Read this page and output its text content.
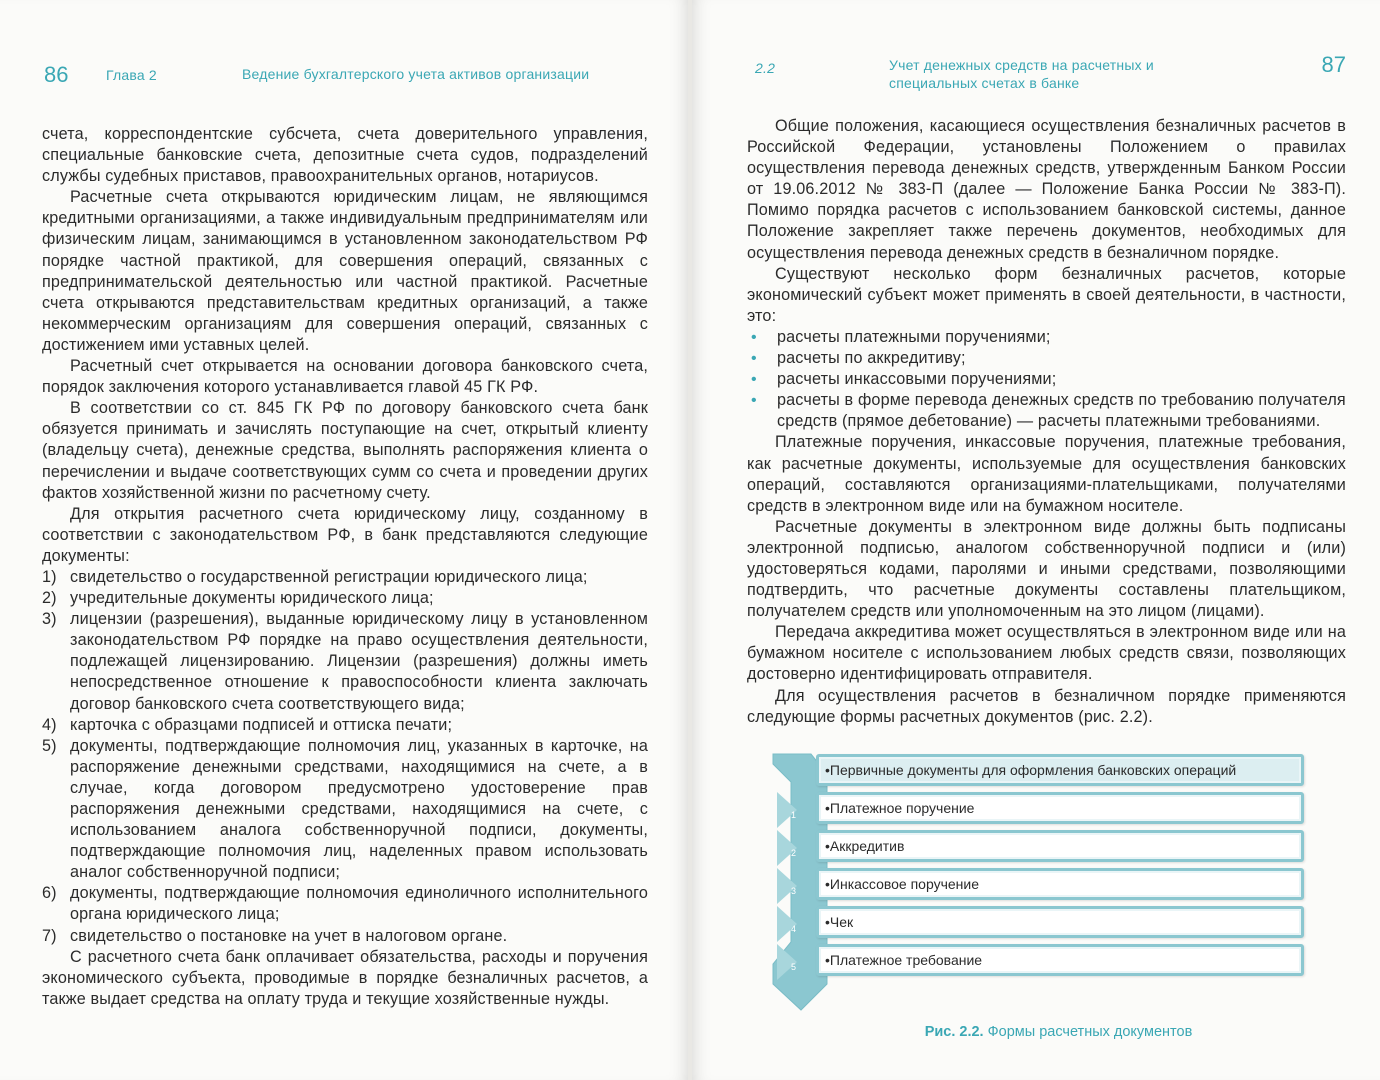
86	Глава 2	Ведение бухгалтерского учета активов организации

счета, корреспондентские субсчета, счета доверительного управления, специальные банковские счета, депозитные счета судов, подразделений службы судебных приставов, правоохранительных органов, нотариусов.

Расчетные счета открываются юридическим лицам, не являющимся кредитными организациями, а также индивидуальным предпринимателям или физическим лицам, занимающимся в установленном законодательством РФ порядке частной практикой, для совершения операций, связанных с предпринимательской деятельностью или частной практикой. Расчетные счета открываются представительствам кредитных организаций, а также некоммерческим организациям для совершения операций, связанных с достижением ими уставных целей.

Расчетный счет открывается на основании договора банковского счета, порядок заключения которого устанавливается главой 45 ГК РФ.

В соответствии со ст. 845 ГК РФ по договору банковского счета банк обязуется принимать и зачислять поступающие на счет, открытый клиенту (владельцу счета), денежные средства, выполнять распоряжения клиента о перечислении и выдаче соответствующих сумм со счета и проведении других фактов хозяйственной жизни по расчетному счету.

Для открытия расчетного счета юридическому лицу, созданному в соответствии с законодательством РФ, в банк представляются следующие документы:

1) свидетельство о государственной регистрации юридического лица;
2) учредительные документы юридического лица;
3) лицензии (разрешения), выданные юридическому лицу в установленном законодательством РФ порядке на право осуществления деятельности, подлежащей лицензированию. Лицензии (разрешения) должны иметь непосредственное отношение к правоспособности клиента заключать договор банковского счета соответствующего вида;
4) карточка с образцами подписей и оттиска печати;
5) документы, подтверждающие полномочия лиц, указанных в карточке, на распоряжение денежными средствами, находящимися на счете, а в случае, когда договором предусмотрено удостоверение прав распоряжения денежными средствами, находящимися на счете, с использованием аналога собственноручной подписи, документы, подтверждающие полномочия лиц, наделенных правом использовать аналог собственноручной подписи;
6) документы, подтверждающие полномочия единоличного исполнительного органа юридического лица;
7) свидетельство о постановке на учет в налоговом органе.

С расчетного счета банк оплачивает обязательства, расходы и поручения экономического субъекта, проводимые в порядке безналичных расчетов, а также выдает средства на оплату труда и текущие хозяйственные нужды.

2.2	Учет денежных средств на расчетных и специальных счетах в банке
87

Общие положения, касающиеся осуществления безналичных расчетов в Российской Федерации, установлены Положением о правилах осуществления перевода денежных средств, утвержденным Банком России от 19.06.2012 № 383-П (далее — Положение Банка России № 383-П). Помимо порядка расчетов с использованием банковской системы, данное Положение закрепляет также перечень документов, необходимых для осуществления перевода денежных средств в безналичном порядке.

Существуют несколько форм безналичных расчетов, которые экономический субъект может применять в своей деятельности, в частности, это:

• расчеты платежными поручениями;
• расчеты по аккредитиву;
• расчеты инкассовыми поручениями;
• расчеты в форме перевода денежных средств по требованию получателя средств (прямое дебетование) — расчеты платежными требованиями.

Платежные поручения, инкассовые поручения, платежные требования, как расчетные документы, используемые для осуществления банковских операций, составляются организациями-плательщиками, получателями средств в электронном виде или на бумажном носителе.

Расчетные документы в электронном виде должны быть подписаны электронной подписью, аналогом собственноручной подписи и (или) удостоверяться кодами, паролями и иными средствами, позволяющими подтвердить, что расчетные документы составлены плательщиком, получателем средств или уполномоченным на это лицом (лицами).

Передача аккредитива может осуществляться в электронном виде или на бумажном носителе с использованием любых средств связи, позволяющих достоверно идентифицировать отправителя.

Для осуществления расчетов в безналичном порядке применяются следующие формы расчетных документов (рис. 2.2).

1
2
3
4
5
•Первичные документы для оформления банковских операций
•Платежное поручение
•Аккредитив
•Инкассовое поручение
•Чек
•Платежное требование
Рис. 2.2. Формы расчетных документов
